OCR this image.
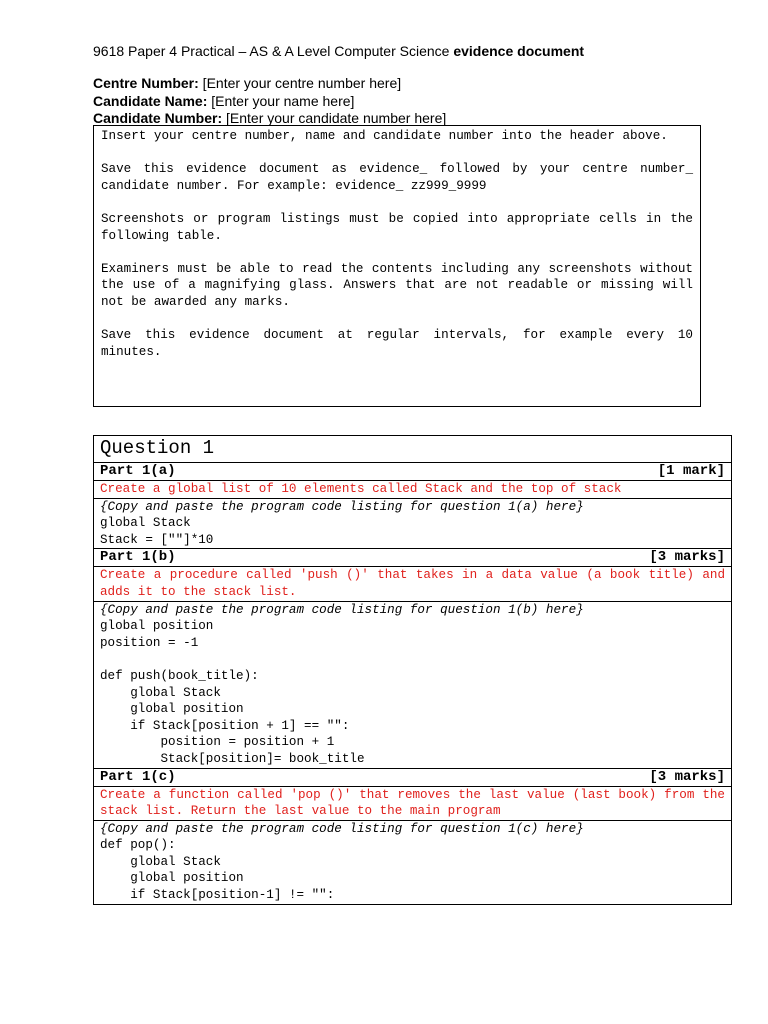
9618 Paper 4 Practical – AS & A Level Computer Science evidence document
Centre Number: [Enter your centre number here]
Candidate Name: [Enter your name here]
Candidate Number: [Enter your candidate number here]

Insert your centre number, name and candidate number into the header above.

Save this evidence document as evidence_ followed by your centre number_ candidate number. For example: evidence_ zz999_9999

Screenshots or program listings must be copied into appropriate cells in the following table.

Examiners must be able to read the contents including any screenshots without the use of a magnifying glass. Answers that are not readable or missing will not be awarded any marks.

Save this evidence document at regular intervals, for example every 10 minutes.

Question 1

Part 1(a)	[1 mark]

Create a global list of 10 elements called Stack and the top of stack

{Copy and paste the program code listing for question 1(a) here}
global Stack
Stack = [""]*10

Part 1(b)	[3 marks]

Create a procedure called 'push ()' that takes in a data value (a book title) and adds it to the stack list.

{Copy and paste the program code listing for question 1(b) here}
global position
position = -1

def push(book_title):
global Stack
global position
if Stack[position + 1] == "":
position = position + 1
Stack[position]= book_title

Part 1(c)	[3 marks]

Create a function called 'pop ()' that removes the last value (last book) from the stack list. Return the last value to the main program

{Copy and paste the program code listing for question 1(c) here}
def pop():
global Stack
global position
if Stack[position-1] != "":
